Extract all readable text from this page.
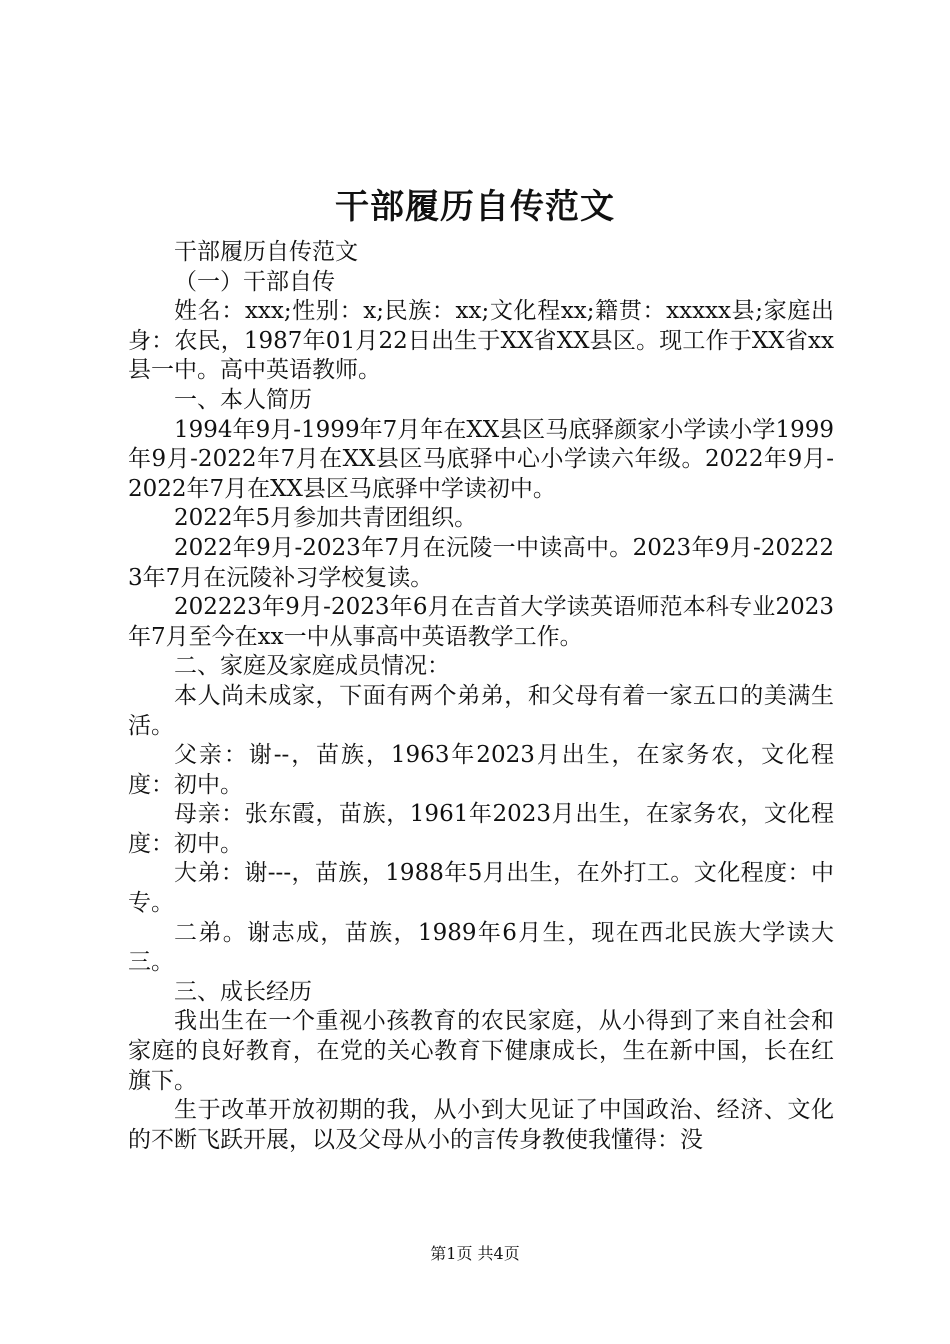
干部履历自传范文

干部履历自传范文

（一）干部自传

姓名：xxx;性别：x;民族：xx;文化程xx;籍贯：xxxxx县;家庭出身：农民，1987年01月22日出生于XX省XX县区。现工作于XX省xx县一中。高中英语教师。

一、本人简历

1994年9月-1999年7月年在XX县区马底驿颜家小学读小学1999年9月-2022年7月在XX县区马底驿中心小学读六年级。2022年9月-2022年7月在XX县区马底驿中学读初中。

2022年5月参加共青团组织。

2022年9月-2023年7月在沅陵一中读高中。2023年9月-202223年7月在沅陵补习学校复读。

202223年9月-2023年6月在吉首大学读英语师范本科专业2023年7月至今在xx一中从事高中英语教学工作。

二、家庭及家庭成员情况：

本人尚未成家，下面有两个弟弟，和父母有着一家五口的美满生活。

父亲：谢--，苗族，1963年2023月出生，在家务农，文化程度：初中。

母亲：张东霞，苗族，1961年2023月出生，在家务农，文化程度：初中。

大弟：谢---，苗族，1988年5月出生，在外打工。文化程度：中专。

二弟。谢志成，苗族，1989年6月生，现在西北民族大学读大三。

三、成长经历

我出生在一个重视小孩教育的农民家庭，从小得到了来自社会和家庭的良好教育，在党的关心教育下健康成长，生在新中国，长在红旗下。

生于改革开放初期的我，从小到大见证了中国政治、经济、文化的不断飞跃开展，以及父母从小的言传身教使我懂得：没

第1页 共4页
